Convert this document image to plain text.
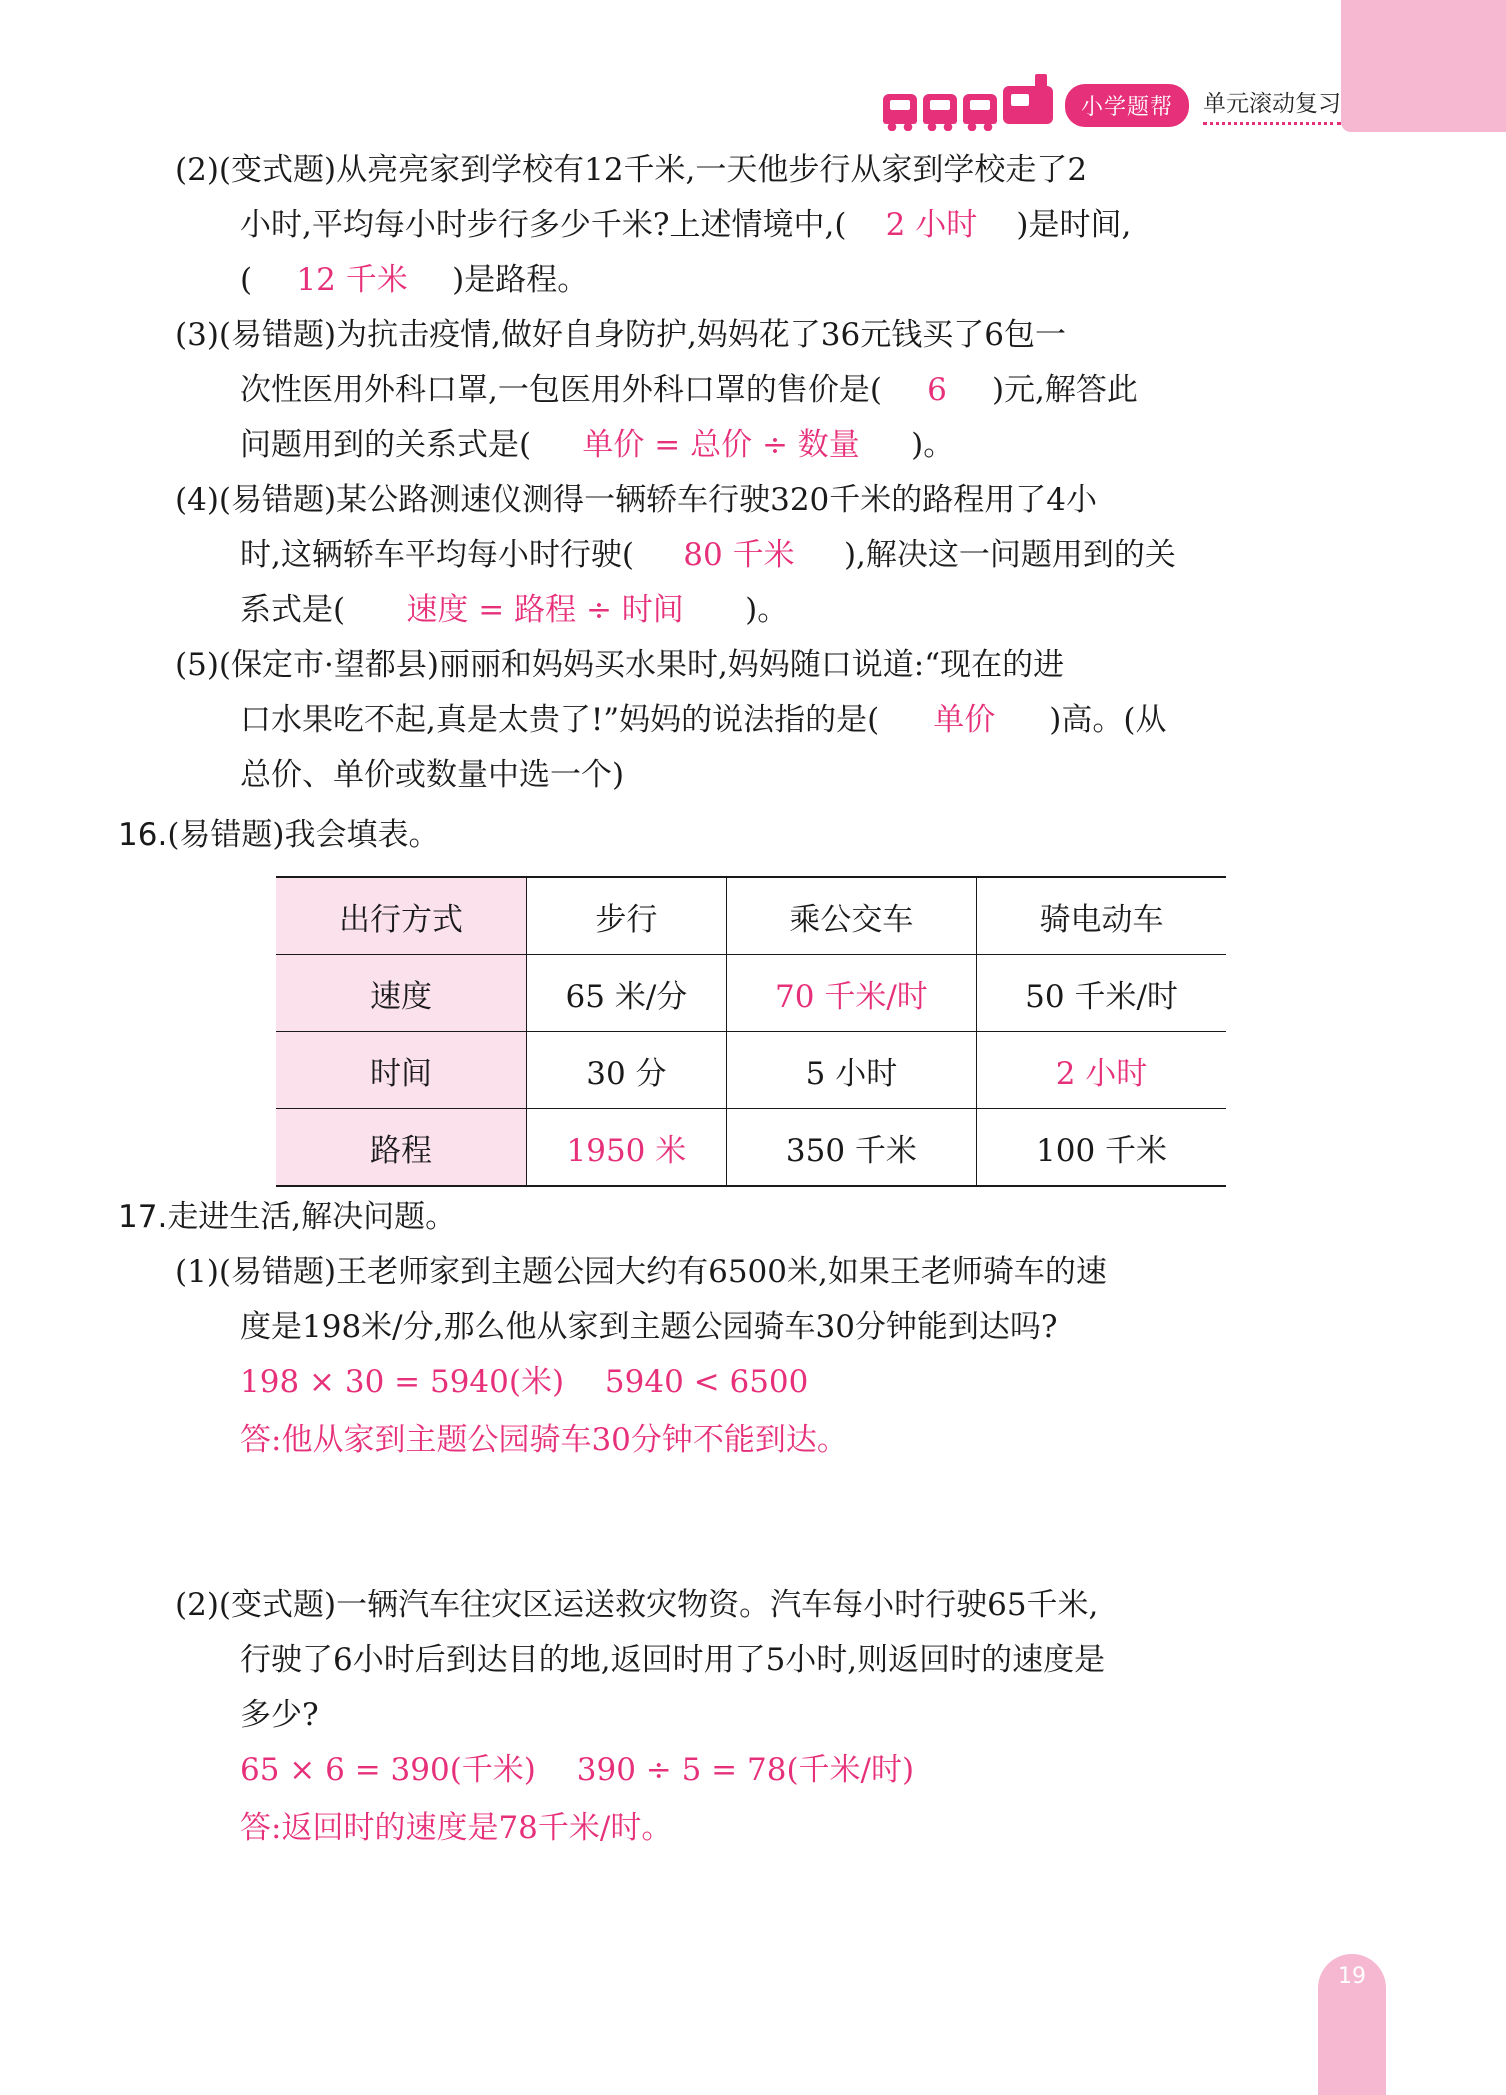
小学题帮	单元滚动复习
(2)(变式题)从亮亮家到学校有12千米,一天他步行从家到学校走了2
小时,平均每小时步行多少千米?上述情境中,( 2 小时 )是时间,
( 12 千米 )是路程。
(3)(易错题)为抗击疫情,做好自身防护,妈妈花了36元钱买了6包一
次性医用外科口罩,一包医用外科口罩的售价是( 6 )元,解答此
问题用到的关系式是( 单价 = 总价 ÷ 数量 )。
(4)(易错题)某公路测速仪测得一辆轿车行驶320千米的路程用了4小
时,这辆轿车平均每小时行驶( 80 千米 ),解决这一问题用到的关
系式是( 速度 = 路程 ÷ 时间 )。
(5)(保定市·望都县)丽丽和妈妈买水果时,妈妈随口说道:“现在的进
口水果吃不起,真是太贵了!”妈妈的说法指的是( 单价 )高。(从
总价、单价或数量中选一个)
16.(易错题)我会填表。
出行方式	步行	乘公交车	骑电动车
速度	65 米/分	70 千米/时	50 千米/时
时间	30 分	5 小时	2 小时
路程	1950 米	350 千米	100 千米
17.走进生活,解决问题。
(1)(易错题)王老师家到主题公园大约有6500米,如果王老师骑车的速
度是198米/分,那么他从家到主题公园骑车30分钟能到达吗?
198 × 30 = 5940(米)　 5940 < 6500
答:他从家到主题公园骑车30分钟不能到达。
(2)(变式题)一辆汽车往灾区运送救灾物资。汽车每小时行驶65千米,
行驶了6小时后到达目的地,返回时用了5小时,则返回时的速度是
多少?
65 × 6 = 390(千米)　 390 ÷ 5 = 78(千米/时)
答:返回时的速度是78千米/时。
19
